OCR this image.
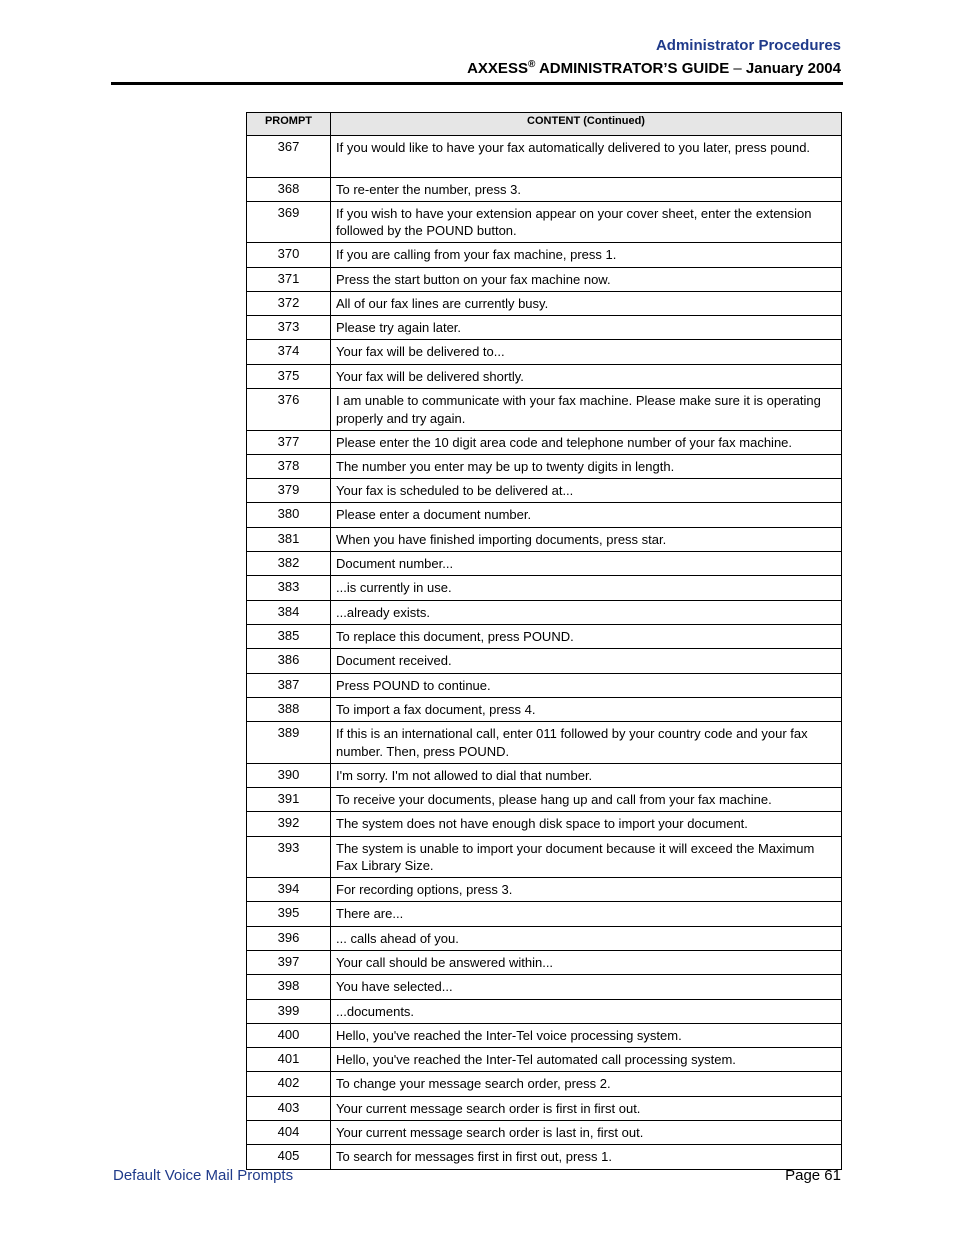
Administrator Procedures
AXXESS® ADMINISTRATOR’S GUIDE – January 2004
PROMPT	CONTENT (Continued)
367	If you would like to have your fax automatically delivered to you later, press pound.
368	To re-enter the number, press 3.
369	If you wish to have your extension appear on your cover sheet, enter the extension followed by the POUND button.
370	If you are calling from your fax machine, press 1.
371	Press the start button on your fax machine now.
372	All of our fax lines are currently busy.
373	Please try again later.
374	Your fax will be delivered to...
375	Your fax will be delivered shortly.
376	I am unable to communicate with your fax machine. Please make sure it is operating properly and try again.
377	Please enter the 10 digit area code and telephone number of your fax machine.
378	The number you enter may be up to twenty digits in length.
379	Your fax is scheduled to be delivered at...
380	Please enter a document number.
381	When you have finished importing documents, press star.
382	Document number...
383	...is currently in use.
384	...already exists.
385	To replace this document, press POUND.
386	Document received.
387	Press POUND to continue.
388	To import a fax document, press 4.
389	If this is an international call, enter 011 followed by your country code and your fax number. Then, press POUND.
390	I'm sorry. I'm not allowed to dial that number.
391	To receive your documents, please hang up and call from your fax machine.
392	The system does not have enough disk space to import your document.
393	The system is unable to import your document because it will exceed the Maximum Fax Library Size.
394	For recording options, press 3.
395	There are...
396	... calls ahead of you.
397	Your call should be answered within...
398	You have selected...
399	...documents.
400	Hello, you've reached the Inter-Tel voice processing system.
401	Hello, you've reached the Inter-Tel automated call processing system.
402	To change your message search order, press 2.
403	Your current message search order is first in first out.
404	Your current message search order is last in, first out.
405	To search for messages first in first out, press 1.
Default Voice Mail Prompts	Page 61
